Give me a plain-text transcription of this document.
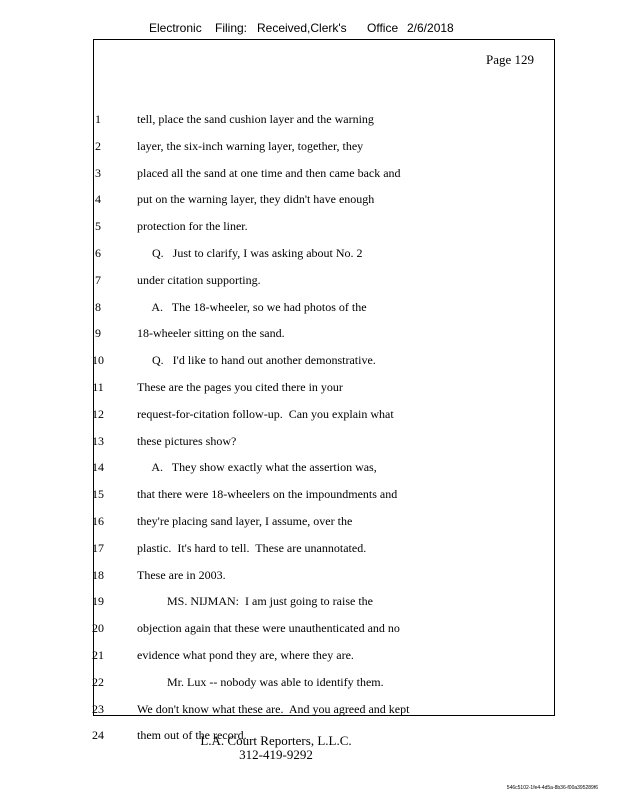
Electronic Filing: Received,Clerk's Office 2/6/2018
Page 129
1	tell, place the sand cushion layer and the warning
2	layer, the six-inch warning layer, together, they
3	placed all the sand at one time and then came back and
4	put on the warning layer, they didn't have enough
5	protection for the liner.
6	Q.   Just to clarify, I was asking about No. 2
7	under citation supporting.
8	A.   The 18-wheeler, so we had photos of the
9	18-wheeler sitting on the sand.
10	Q.   I'd like to hand out another demonstrative.
11	These are the pages you cited there in your
12	request-for-citation follow-up.  Can you explain what
13	these pictures show?
14	A.   They show exactly what the assertion was,
15	that there were 18-wheelers on the impoundments and
16	they're placing sand layer, I assume, over the
17	plastic.  It's hard to tell.  These are unannotated.
18	These are in 2003.
19	MS. NIJMAN:  I am just going to raise the
20	objection again that these were unauthenticated and no
21	evidence what pond they are, where they are.
22	Mr. Lux -- nobody was able to identify them.
23	We don't know what these are.  And you agreed and kept
24	them out of the record.
L.A. Court Reporters, L.L.C.
312-419-9292
546c5102-1fe4-4d5a-8b36-f00a395289f6
